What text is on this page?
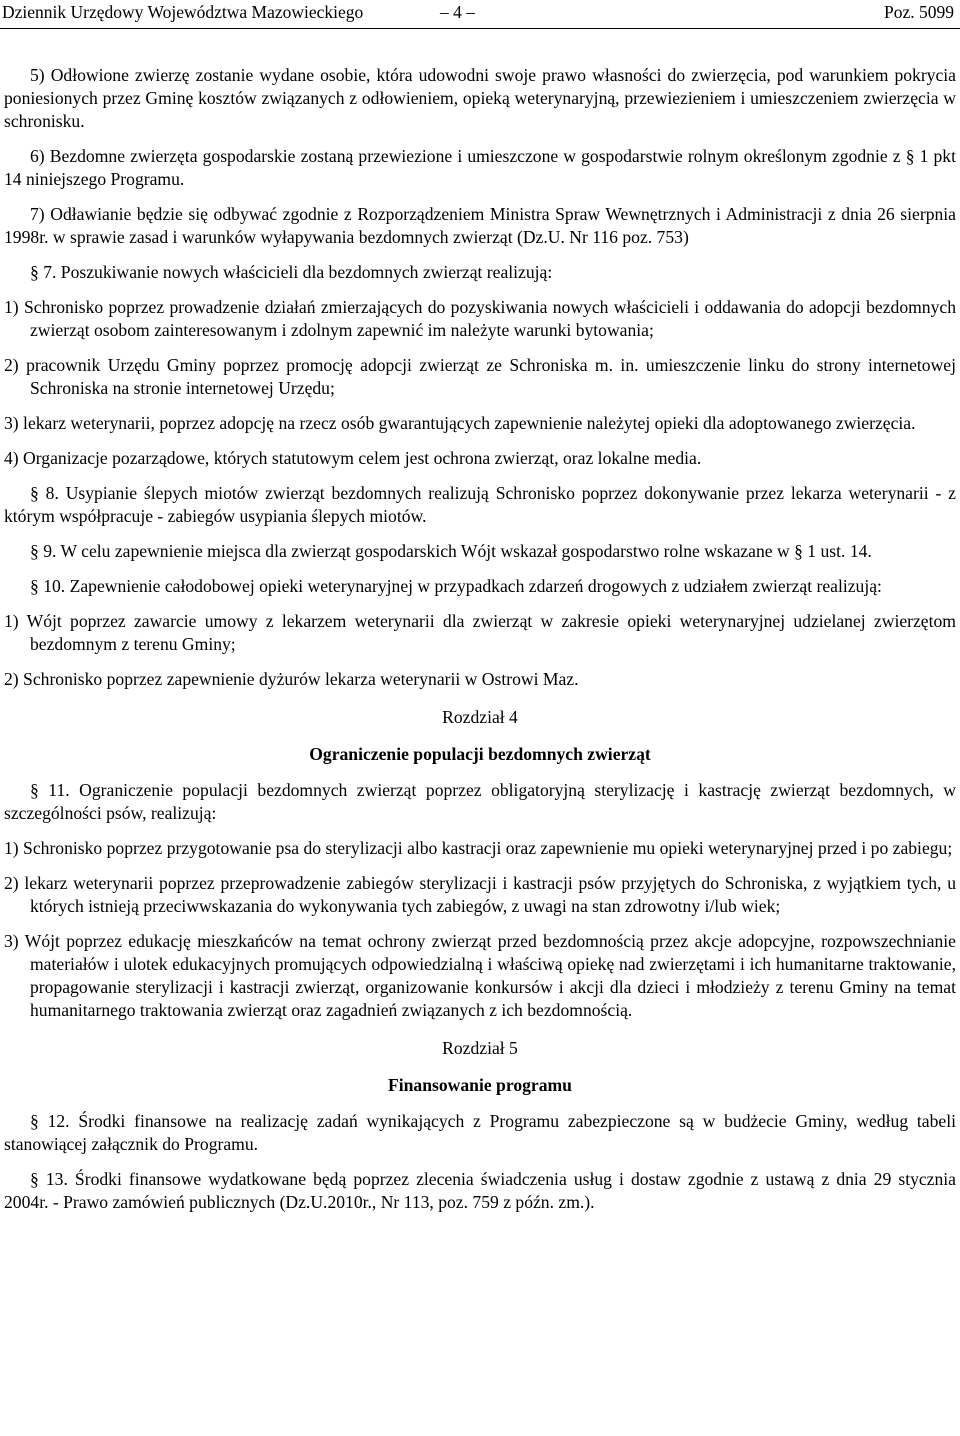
Dziennik Urzędowy Województwa Mazowieckiego	– 4 –	Poz. 5099

5) Odłowione zwierzę zostanie wydane osobie, która udowodni swoje prawo własności do zwierzęcia, pod warunkiem pokrycia poniesionych przez Gminę kosztów związanych z odłowieniem, opieką weterynaryjną, przewiezieniem i umieszczeniem zwierzęcia w schronisku.

6) Bezdomne zwierzęta gospodarskie zostaną przewiezione i umieszczone w gospodarstwie rolnym określonym zgodnie z § 1 pkt 14 niniejszego Programu.

7) Odławianie będzie się odbywać zgodnie z Rozporządzeniem Ministra Spraw Wewnętrznych i Administracji z dnia 26 sierpnia 1998r. w sprawie zasad i warunków wyłapywania bezdomnych zwierząt (Dz.U. Nr 116 poz. 753)

§ 7. Poszukiwanie nowych właścicieli dla bezdomnych zwierząt realizują:

1) Schronisko poprzez prowadzenie działań zmierzających do pozyskiwania nowych właścicieli i oddawania do adopcji bezdomnych zwierząt osobom zainteresowanym i zdolnym zapewnić im należyte warunki bytowania;

2) pracownik Urzędu Gminy poprzez promocję adopcji zwierząt ze Schroniska m. in. umieszczenie linku do strony internetowej Schroniska na stronie internetowej Urzędu;

3) lekarz weterynarii, poprzez adopcję na rzecz osób gwarantujących zapewnienie należytej opieki dla adoptowanego zwierzęcia.

4) Organizacje pozarządowe, których statutowym celem jest ochrona zwierząt, oraz lokalne media.

§ 8. Usypianie ślepych miotów zwierząt bezdomnych realizują Schronisko poprzez dokonywanie przez lekarza weterynarii - z którym współpracuje - zabiegów usypiania ślepych miotów.

§ 9. W celu zapewnienie miejsca dla zwierząt gospodarskich Wójt wskazał gospodarstwo rolne wskazane w § 1 ust. 14.

§ 10. Zapewnienie całodobowej opieki weterynaryjnej w przypadkach zdarzeń drogowych z udziałem zwierząt realizują:

1) Wójt poprzez zawarcie umowy z lekarzem weterynarii dla zwierząt w zakresie opieki weterynaryjnej udzielanej zwierzętom bezdomnym z terenu Gminy;

2) Schronisko poprzez zapewnienie dyżurów lekarza weterynarii w Ostrowi Maz.

Rozdział 4

Ograniczenie populacji bezdomnych zwierząt

§ 11. Ograniczenie populacji bezdomnych zwierząt poprzez obligatoryjną sterylizację i kastrację zwierząt bezdomnych, w szczególności psów, realizują:

1) Schronisko poprzez przygotowanie psa do sterylizacji albo kastracji oraz zapewnienie mu opieki weterynaryjnej przed i po zabiegu;

2) lekarz weterynarii poprzez przeprowadzenie zabiegów sterylizacji i kastracji psów przyjętych do Schroniska, z wyjątkiem tych, u których istnieją przeciwwskazania do wykonywania tych zabiegów, z uwagi na stan zdrowotny i/lub wiek;

3) Wójt poprzez edukację mieszkańców na temat ochrony zwierząt przed bezdomnością przez akcje adopcyjne, rozpowszechnianie materiałów i ulotek edukacyjnych promujących odpowiedzialną i właściwą opiekę nad zwierzętami i ich humanitarne traktowanie, propagowanie sterylizacji i kastracji zwierząt, organizowanie konkursów i akcji dla dzieci i młodzieży z terenu Gminy na temat humanitarnego traktowania zwierząt oraz zagadnień związanych z ich bezdomnością.

Rozdział 5

Finansowanie programu

§ 12. Środki finansowe na realizację zadań wynikających z Programu zabezpieczone są w budżecie Gminy, według tabeli stanowiącej załącznik do Programu.

§ 13. Środki finansowe wydatkowane będą poprzez zlecenia świadczenia usług i dostaw zgodnie z ustawą z dnia 29 stycznia 2004r. - Prawo zamówień publicznych (Dz.U.2010r., Nr 113, poz. 759 z późn. zm.).
